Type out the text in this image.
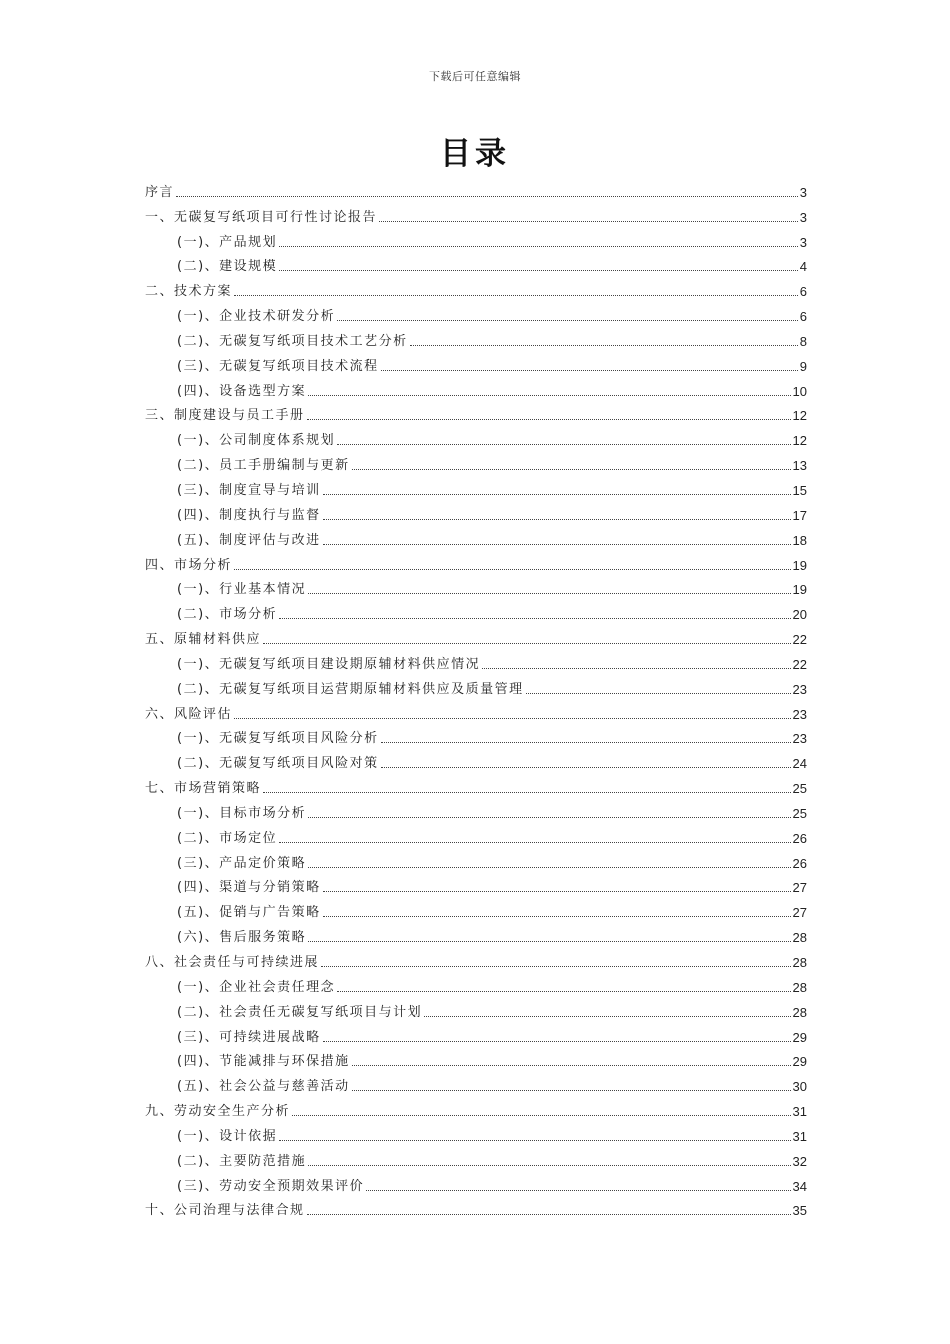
下载后可任意编辑
目录
序言	3
一、无碳复写纸项目可行性讨论报告	3
(一)、产品规划	3
(二)、建设规模	4
二、技术方案	6
(一)、企业技术研发分析	6
(二)、无碳复写纸项目技术工艺分析	8
(三)、无碳复写纸项目技术流程	9
(四)、设备选型方案	10
三、制度建设与员工手册	12
(一)、公司制度体系规划	12
(二)、员工手册编制与更新	13
(三)、制度宣导与培训	15
(四)、制度执行与监督	17
(五)、制度评估与改进	18
四、市场分析	19
(一)、行业基本情况	19
(二)、市场分析	20
五、原辅材料供应	22
(一)、无碳复写纸项目建设期原辅材料供应情况	22
(二)、无碳复写纸项目运营期原辅材料供应及质量管理	23
六、风险评估	23
(一)、无碳复写纸项目风险分析	23
(二)、无碳复写纸项目风险对策	24
七、市场营销策略	25
(一)、目标市场分析	25
(二)、市场定位	26
(三)、产品定价策略	26
(四)、渠道与分销策略	27
(五)、促销与广告策略	27
(六)、售后服务策略	28
八、社会责任与可持续进展	28
(一)、企业社会责任理念	28
(二)、社会责任无碳复写纸项目与计划	28
(三)、可持续进展战略	29
(四)、节能减排与环保措施	29
(五)、社会公益与慈善活动	30
九、劳动安全生产分析	31
(一)、设计依据	31
(二)、主要防范措施	32
(三)、劳动安全预期效果评价	34
十、公司治理与法律合规	35
